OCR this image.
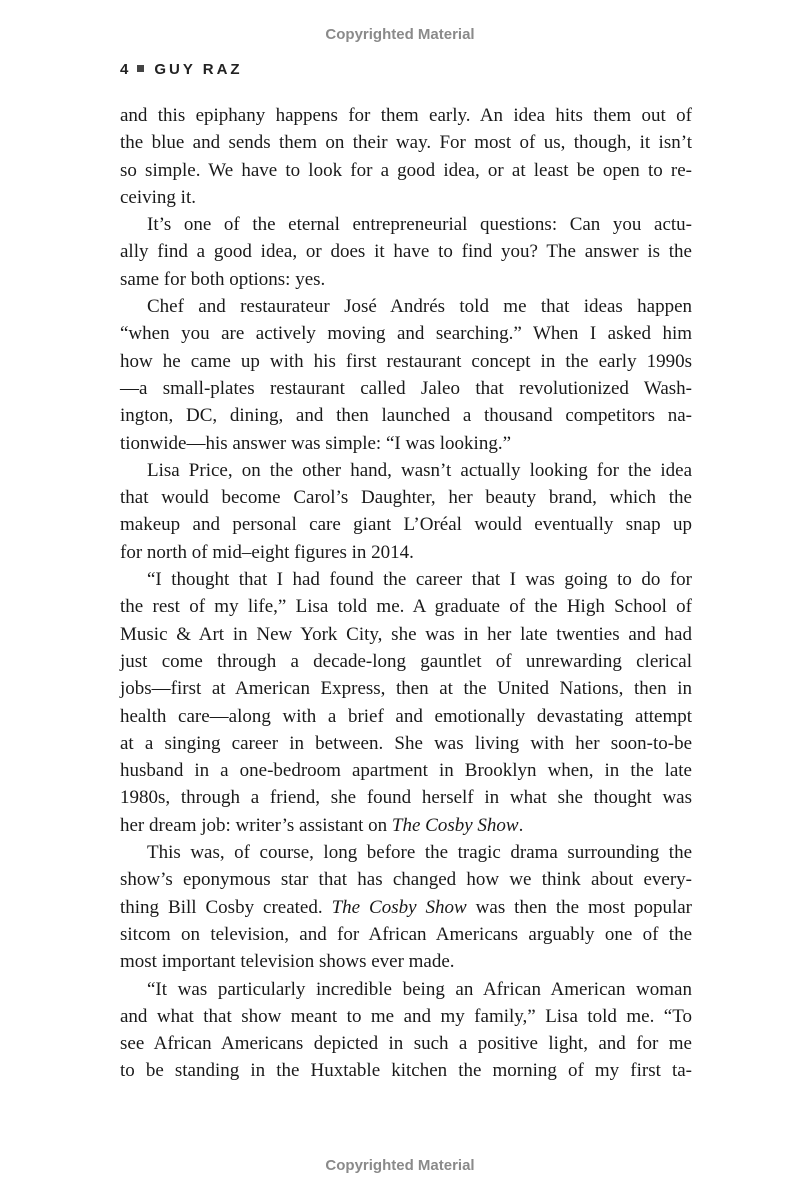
Copyrighted Material
4 GUY RAZ
and this epiphany happens for them early. An idea hits them out of
the blue and sends them on their way. For most of us, though, it isn’t
so simple. We have to look for a good idea, or at least be open to re-
ceiving it.
It’s one of the eternal entrepreneurial questions: Can you actu-
ally find a good idea, or does it have to find you? The answer is the
same for both options: yes.
Chef and restaurateur José Andrés told me that ideas happen
“when you are actively moving and searching.” When I asked him
how he came up with his first restaurant concept in the early 1990s
—a small-plates restaurant called Jaleo that revolutionized Wash-
ington, DC, dining, and then launched a thousand competitors na-
tionwide—his answer was simple: “I was looking.”
Lisa Price, on the other hand, wasn’t actually looking for the idea
that would become Carol’s Daughter, her beauty brand, which the
makeup and personal care giant L’Oréal would eventually snap up
for north of mid–eight figures in 2014.
“I thought that I had found the career that I was going to do for
the rest of my life,” Lisa told me. A graduate of the High School of
Music & Art in New York City, she was in her late twenties and had
just come through a decade-long gauntlet of unrewarding clerical
jobs—first at American Express, then at the United Nations, then in
health care—along with a brief and emotionally devastating attempt
at a singing career in between. She was living with her soon-to-be
husband in a one-bedroom apartment in Brooklyn when, in the late
1980s, through a friend, she found herself in what she thought was
her dream job: writer’s assistant on The Cosby Show.
This was, of course, long before the tragic drama surrounding the
show’s eponymous star that has changed how we think about every-
thing Bill Cosby created. The Cosby Show was then the most popular
sitcom on television, and for African Americans arguably one of the
most important television shows ever made.
“It was particularly incredible being an African American woman
and what that show meant to me and my family,” Lisa told me. “To
see African Americans depicted in such a positive light, and for me
to be standing in the Huxtable kitchen the morning of my first ta-
Copyrighted Material
